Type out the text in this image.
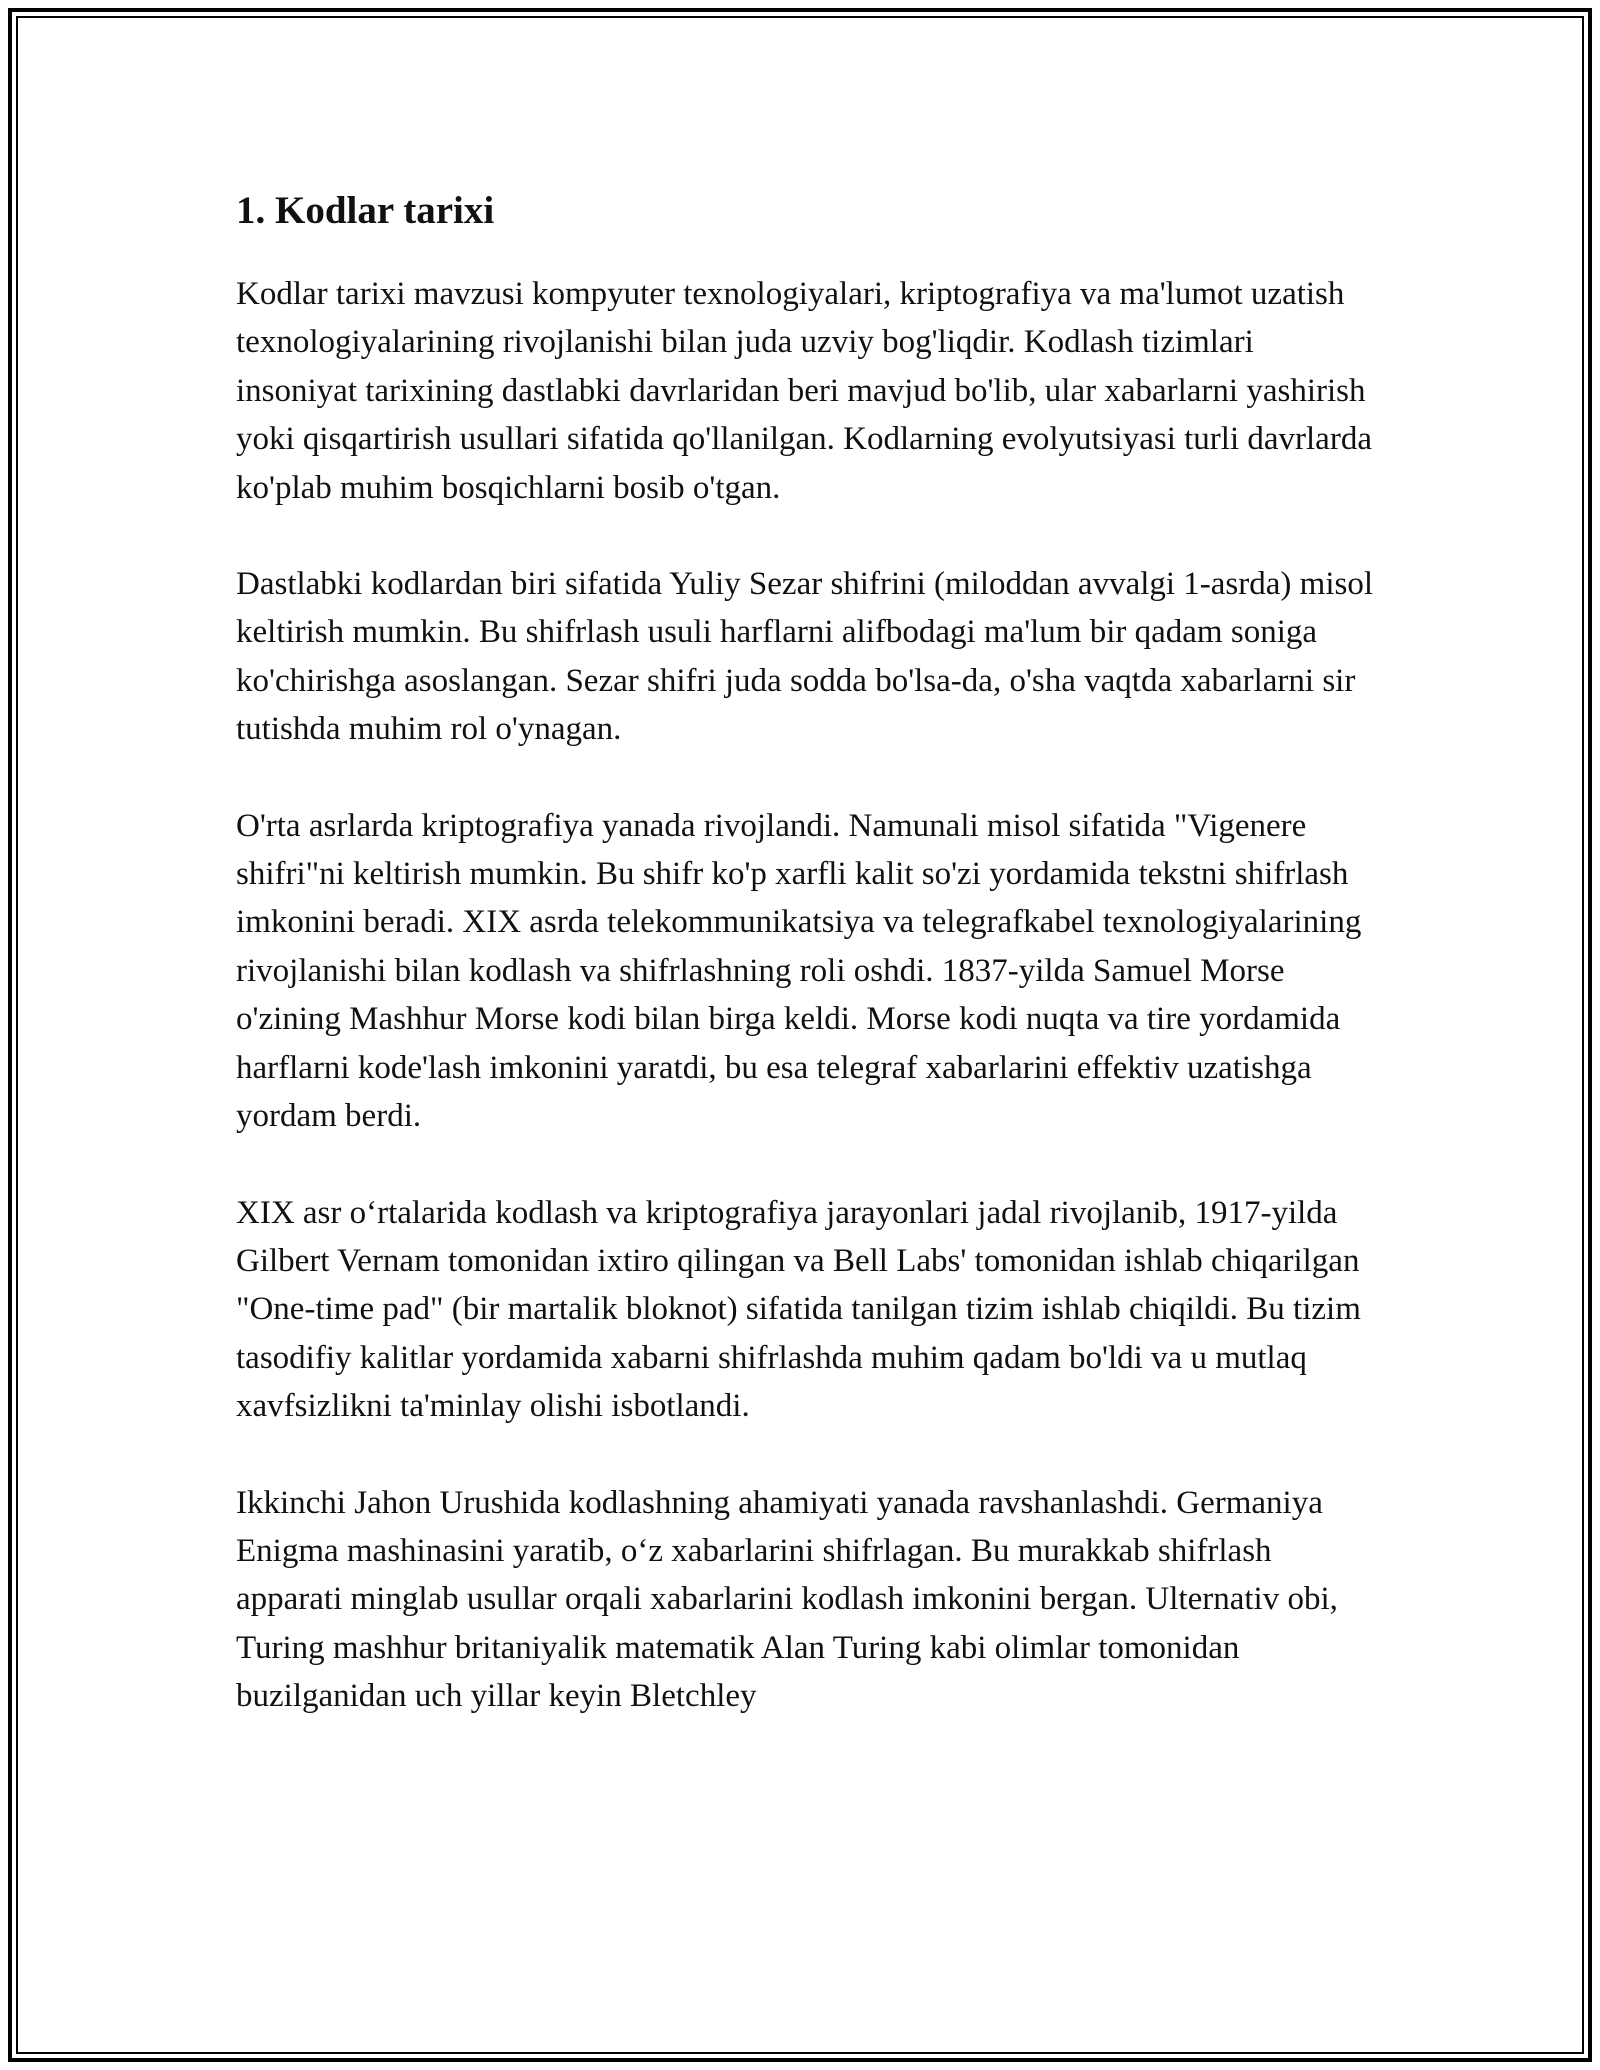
1. Kodlar tarixi

Kodlar tarixi mavzusi kompyuter texnologiyalari, kriptografiya va ma'lumot uzatish texnologiyalarining rivojlanishi bilan juda uzviy bog'liqdir. Kodlash tizimlari insoniyat tarixining dastlabki davrlaridan beri mavjud bo'lib, ular xabarlarni yashirish yoki qisqartirish usullari sifatida qo'llanilgan. Kodlarning evolyutsiyasi turli davrlarda ko'plab muhim bosqichlarni bosib o'tgan.

Dastlabki kodlardan biri sifatida Yuliy Sezar shifrini (miloddan avvalgi 1-asrda) misol keltirish mumkin. Bu shifrlash usuli harflarni alifbodagi ma'lum bir qadam soniga ko'chirishga asoslangan. Sezar shifri juda sodda bo'lsa-da, o'sha vaqtda xabarlarni sir tutishda muhim rol o'ynagan.

O'rta asrlarda kriptografiya yanada rivojlandi. Namunali misol sifatida "Vigenere shifri"ni keltirish mumkin. Bu shifr ko'p xarfli kalit so'zi yordamida tekstni shifrlash imkonini beradi. XIX asrda telekommunikatsiya va telegrafkabel texnologiyalarining rivojlanishi bilan kodlash va shifrlashning roli oshdi. 1837-yilda Samuel Morse o'zining Mashhur Morse kodi bilan birga keldi. Morse kodi nuqta va tire yordamida harflarni kode'lash imkonini yaratdi, bu esa telegraf xabarlarini effektiv uzatishga yordam berdi.

XIX asr o‘rtalarida kodlash va kriptografiya jarayonlari jadal rivojlanib, 1917-yilda Gilbert Vernam tomonidan ixtiro qilingan va Bell Labs' tomonidan ishlab chiqarilgan "One-time pad" (bir martalik bloknot) sifatida tanilgan tizim ishlab chiqildi. Bu tizim tasodifiy kalitlar yordamida xabarni shifrlashda muhim qadam bo'ldi va u mutlaq xavfsizlikni ta'minlay olishi isbotlandi.

Ikkinchi Jahon Urushida kodlashning ahamiyati yanada ravshanlashdi. Germaniya Enigma mashinasini yaratib, o‘z xabarlarini shifrlagan. Bu murakkab shifrlash apparati minglab usullar orqali xabarlarini kodlash imkonini bergan. Ulternativ obi, Turing mashhur britaniyalik matematik Alan Turing kabi olimlar tomonidan buzilganidan uch yillar keyin Bletchley
